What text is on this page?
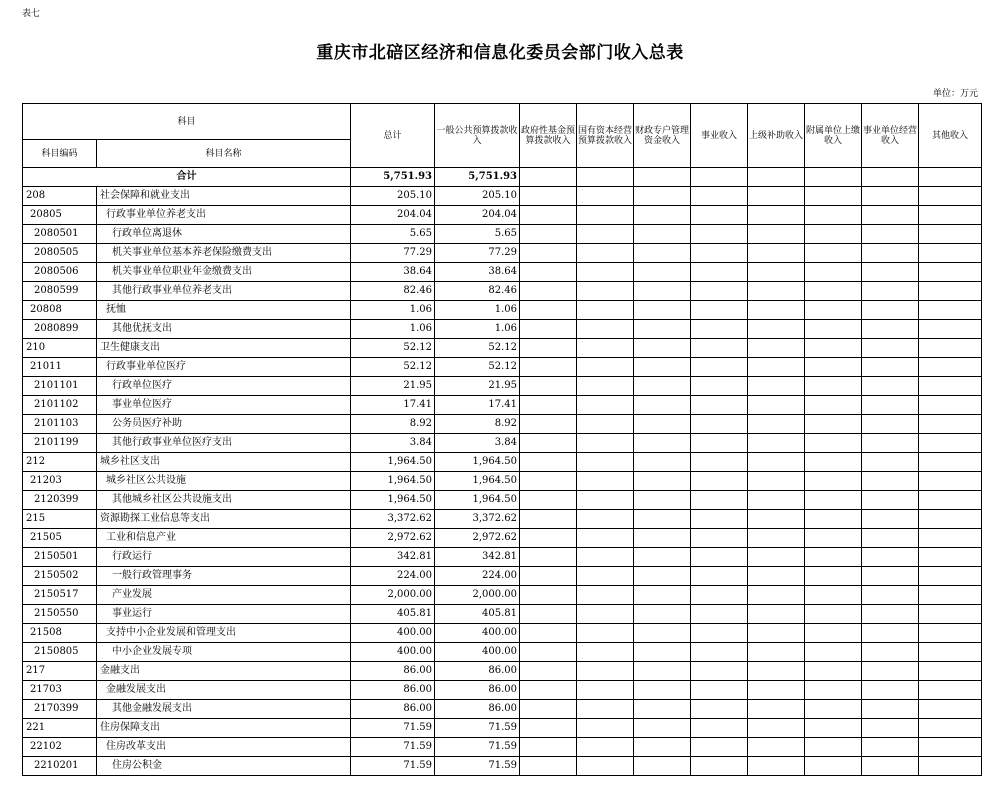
表七
重庆市北碚区经济和信息化委员会部门收入总表
单位：万元
科目		总计	一般公共预算拨款收入	政府性基金预算拨款收入	国有资本经营预算拨款收入	财政专户管理资金收入	事业收入	上级补助收入	附属单位上缴收入	事业单位经营收入	其他收入
科目编码	科目名称										
合计		5,751.93	5,751.93								
208	社会保障和就业支出	205.10	205.10								
20805	行政事业单位养老支出	204.04	204.04								
2080501	行政单位离退休	5.65	5.65								
2080505	机关事业单位基本养老保险缴费支出	77.29	77.29								
2080506	机关事业单位职业年金缴费支出	38.64	38.64								
2080599	其他行政事业单位养老支出	82.46	82.46								
20808	抚恤	1.06	1.06								
2080899	其他优抚支出	1.06	1.06								
210	卫生健康支出	52.12	52.12								
21011	行政事业单位医疗	52.12	52.12								
2101101	行政单位医疗	21.95	21.95								
2101102	事业单位医疗	17.41	17.41								
2101103	公务员医疗补助	8.92	8.92								
2101199	其他行政事业单位医疗支出	3.84	3.84								
212	城乡社区支出	1,964.50	1,964.50								
21203	城乡社区公共设施	1,964.50	1,964.50								
2120399	其他城乡社区公共设施支出	1,964.50	1,964.50								
215	资源勘探工业信息等支出	3,372.62	3,372.62								
21505	工业和信息产业	2,972.62	2,972.62								
2150501	行政运行	342.81	342.81								
2150502	一般行政管理事务	224.00	224.00								
2150517	产业发展	2,000.00	2,000.00								
2150550	事业运行	405.81	405.81								
21508	支持中小企业发展和管理支出	400.00	400.00								
2150805	中小企业发展专项	400.00	400.00								
217	金融支出	86.00	86.00								
21703	金融发展支出	86.00	86.00								
2170399	其他金融发展支出	86.00	86.00								
221	住房保障支出	71.59	71.59								
22102	住房改革支出	71.59	71.59								
2210201	住房公积金	71.59	71.59								
